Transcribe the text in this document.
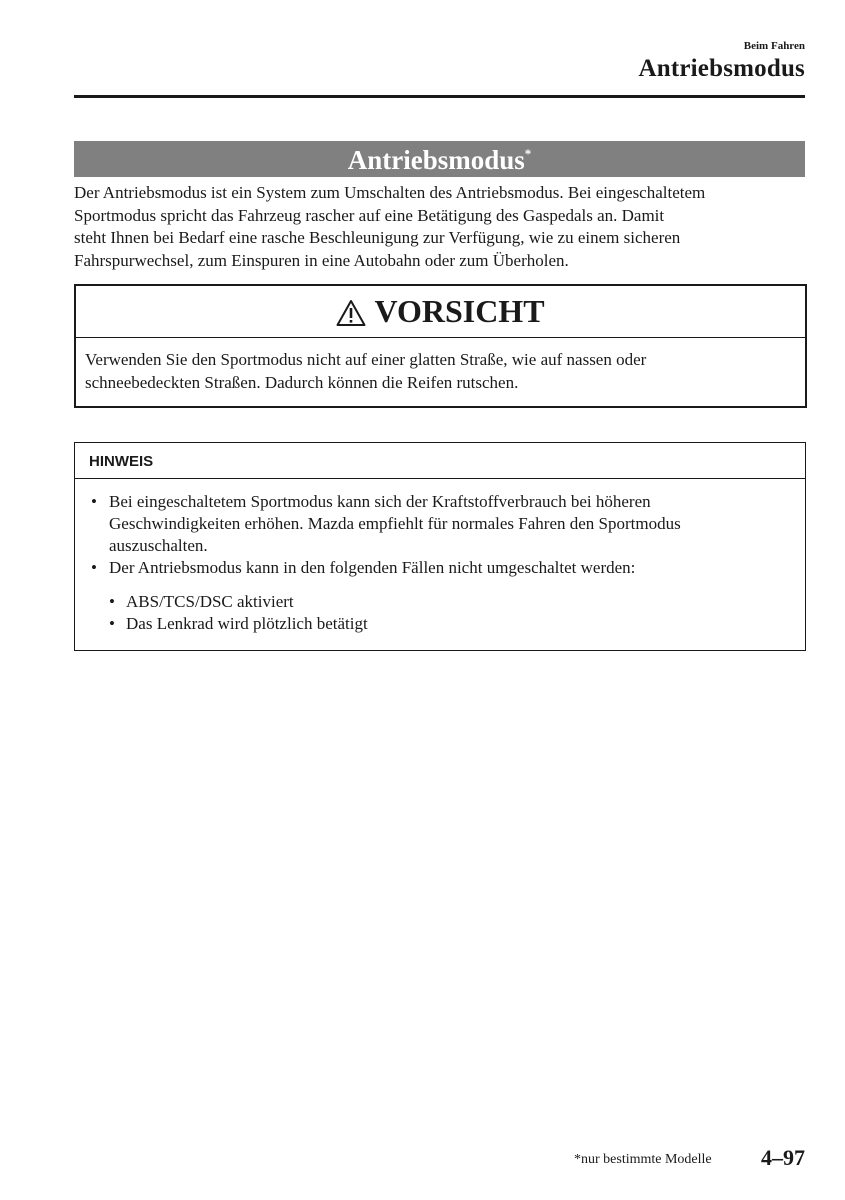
Beim Fahren
Antriebsmodus
Antriebsmodus*
Der Antriebsmodus ist ein System zum Umschalten des Antriebsmodus. Bei eingeschaltetem
Sportmodus spricht das Fahrzeug rascher auf eine Betätigung des Gaspedals an. Damit
steht Ihnen bei Bedarf eine rasche Beschleunigung zur Verfügung, wie zu einem sicheren
Fahrspurwechsel, zum Einspuren in eine Autobahn oder zum Überholen.
VORSICHT
Verwenden Sie den Sportmodus nicht auf einer glatten Straße, wie auf nassen oder
schneebedeckten Straßen. Dadurch können die Reifen rutschen.
HINWEIS
• Bei eingeschaltetem Sportmodus kann sich der Kraftstoffverbrauch bei höheren
Geschwindigkeiten erhöhen. Mazda empfiehlt für normales Fahren den Sportmodus
auszuschalten.
• Der Antriebsmodus kann in den folgenden Fällen nicht umgeschaltet werden:
• ABS/TCS/DSC aktiviert
• Das Lenkrad wird plötzlich betätigt
*nur bestimmte Modelle 4–97
